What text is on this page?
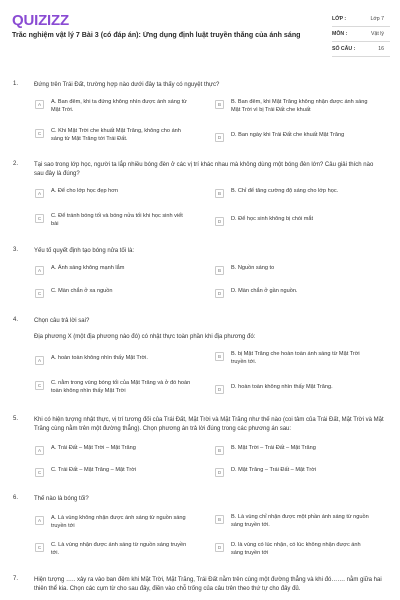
QUIZIZZ
Trắc nghiệm vật lý 7 Bài 3 (có đáp án): Ứng dụng định luật truyền thẳng của ánh sáng
LỚP :	Lớp 7
MÔN :	Vật lý
SỐ CÂU :	16
1.	Đứng trên Trái Đất, trường hợp nào dưới đây ta thấy có nguyệt thực?
A	A. Ban đêm, khi ta đứng không nhìn được ánh sáng từ Mặt Trời.
B	B. Ban đêm, khi Mặt Trăng không nhận được ánh sáng Mặt Trời vì bị Trái Đất che khuất
C	C. Khi Mặt Trời che khuất Mặt Trăng, không cho ánh sáng từ Mặt Trăng tới Trái Đất.	D	D. Ban ngày khi Trái Đất che khuất Mặt Trăng
2.	Tại sao trong lớp học, người ta lắp nhiều bóng đèn ở các vị trí khác nhau mà không dùng một bóng đèn lớn? Câu giải thích nào sau đây là đúng?
A	A. Để cho lớp học đẹp hơn	B	B. Chỉ để tăng cường độ sáng cho lớp học.
C	C. Để tránh bóng tối và bóng nửa tối khi học sinh viết bài	D	D. Để học sinh không bị chói mắt
3.	Yếu tố quyết định tạo bóng nửa tối là:
A	A. Ánh sáng không mạnh lắm	B	B. Nguồn sáng to
C	C. Màn chắn ở xa nguồn	D	D. Màn chắn ở gần nguồn.
4.	Chọn câu trả lời sai?
Địa phương X (một địa phương nào đó) có nhật thực toàn phần khi địa phương đó:
A	A. hoàn toàn không nhìn thấy Mặt Trời.	B	B. bị Mặt Trăng che hoàn toàn ánh sáng từ Mặt Trời truyền tới.
C	C. nằm trong vùng bóng tối của Mặt Trăng và ở đó hoàn toàn không nhìn thấy Mặt Trời	D	D. hoàn toàn không nhìn thấy Mặt Trăng.
5.	Khi có hiện tượng nhật thực, vị trí tương đối của Trái Đất, Mặt Trời và Mặt Trăng như thế nào (coi tâm của Trái Đất, Mặt Trời và Mặt Trăng cùng nằm trên một đường thẳng). Chọn phương án trả lời đúng trong các phương án sau:
A	A. Trái Đất – Mặt Trời – Mặt Trăng	B	B. Mặt Trời – Trái Đất – Mặt Trăng
C	C. Trái Đất – Mặt Trăng – Mặt Trời	D	D. Mặt Trăng – Trái Đất – Mặt Trời
6.	Thế nào là bóng tối?
A	A. Là vùng không nhận được ánh sáng từ nguồn sáng truyền tới
B	B. Là vùng chỉ nhận được một phần ánh sáng từ nguồn sáng truyền tới.
C	C. Là vùng nhận được ánh sáng từ nguồn sáng truyền tới.
D	D. là vùng có lúc nhận, có lúc không nhận được ánh sáng truyền tới
7.	Hiện tượng ….. xảy ra vào ban đêm khi Mặt Trời, Mặt Trăng, Trái Đất nằm trên cùng một đường thẳng và khi đó……. nằm giữa hai thiên thể kia. Chọn các cụm từ cho sau đây, điền vào chỗ trống của câu trên theo thứ tự cho đây đủ.
